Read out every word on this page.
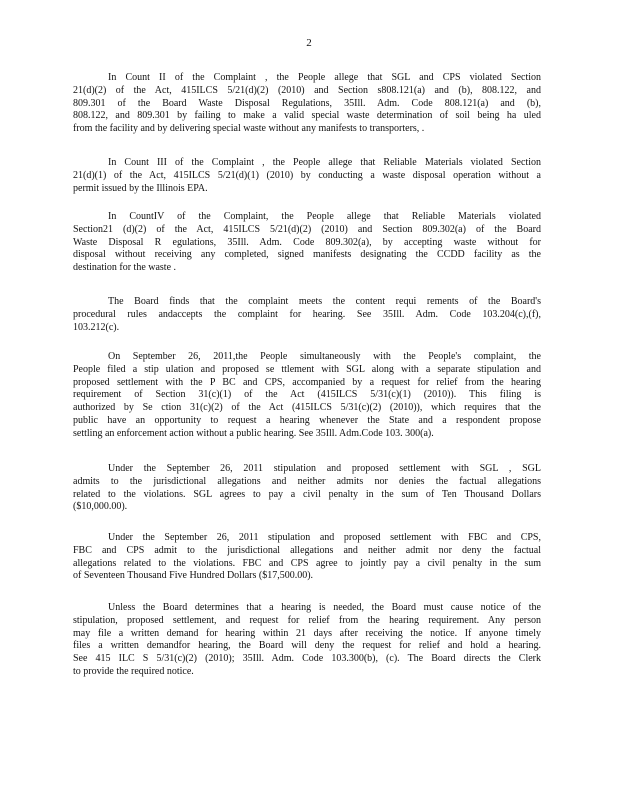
2
In Count II of the Complaint , the People allege that SGL and CPS violated Section
21(d)(2) of the Act, 415ILCS 5/21(d)(2) (2010) and Section s808.121(a) and (b), 808.122, and
809.301 of the Board Waste Disposal Regulations, 35Ill. Adm. Code 808.121(a) and (b),
808.122, and 809.301 by failing to make a valid special waste determination of soil being ha uled
from the facility and by delivering special waste without any manifests to transporters, .
In Count III of the Complaint , the People allege that Reliable Materials violated Section
21(d)(1) of the Act, 415ILCS 5/21(d)(1) (2010) by conducting a waste disposal operation without a
permit issued by the Illinois EPA.
In CountIV of the Complaint, the People allege that Reliable Materials violated
Section21 (d)(2) of the Act, 415ILCS 5/21(d)(2) (2010) and Section 809.302(a) of the Board
Waste Disposal R egulations, 35Ill. Adm. Code 809.302(a), by accepting waste without for
disposal without receiving any completed, signed manifests designating the CCDD facility as the
destination for the waste .
The Board finds that the complaint meets the content requi rements of the Board's
procedural rules andaccepts the complaint for hearing. See 35Ill. Adm. Code 103.204(c),(f),
103.212(c).
On September 26, 2011,the People simultaneously with the People's complaint, the
People filed a stip ulation and proposed se ttlement with SGL along with a separate stipulation and
proposed settlement with the P BC and CPS, accompanied by a request for relief from the hearing
requirement of Section 31(c)(1) of the Act (415ILCS 5/31(c)(1) (2010)). This filing is
authorized by Se ction 31(c)(2) of the Act (415ILCS 5/31(c)(2) (2010)), which requires that the
public have an opportunity to request a hearing whenever the State and a respondent propose
settling an enforcement action without a public hearing. See 35Ill. Adm.Code 103. 300(a).
Under the September 26, 2011 stipulation and proposed settlement with SGL , SGL
admits to the jurisdictional allegations and neither admits nor denies the factual allegations
related to the violations. SGL agrees to pay a civil penalty in the sum of Ten Thousand Dollars
($10,000.00).
Under the September 26, 2011 stipulation and proposed settlement with FBC and CPS,
FBC and CPS admit to the jurisdictional allegations and neither admit nor deny the factual
allegations related to the violations. FBC and CPS agree to jointly pay a civil penalty in the sum
of Seventeen Thousand Five Hundred Dollars ($17,500.00).
Unless the Board determines that a hearing is needed, the Board must cause notice of the
stipulation, proposed settlement, and request for relief from the hearing requirement. Any person
may file a written demand for hearing within 21 days after receiving the notice. If anyone timely
files a written demandfor hearing, the Board will deny the request for relief and hold a hearing.
See 415 ILC S 5/31(c)(2) (2010); 35Ill. Adm. Code 103.300(b), (c). The Board directs the Clerk
to provide the required notice.
